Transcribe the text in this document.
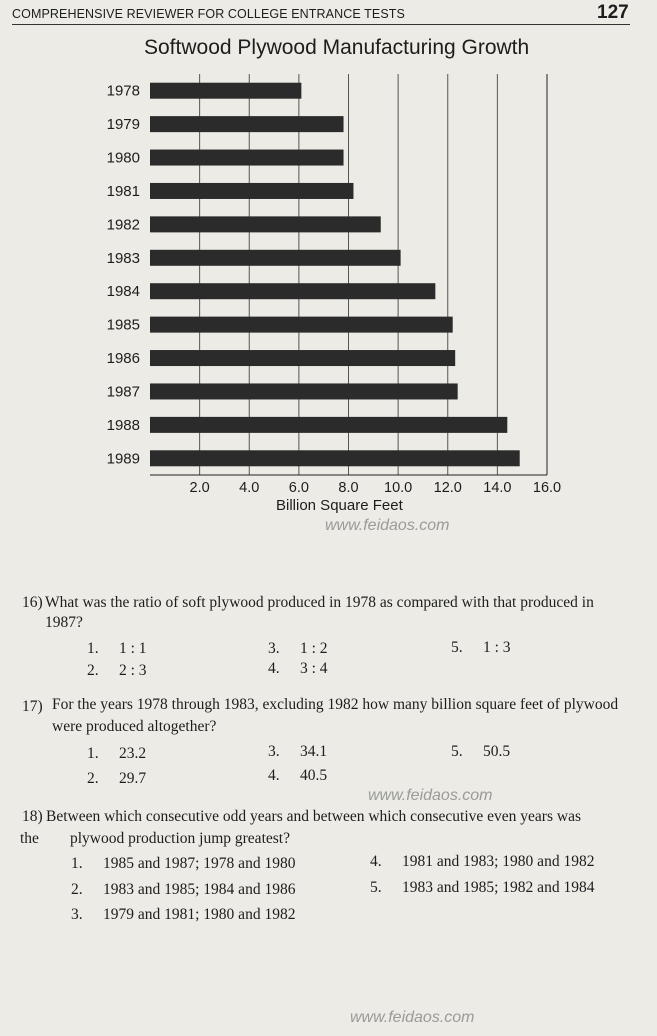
COMPREHENSIVE REVIEWER FOR COLLEGE ENTRANCE TESTS	127
Softwood Plywood Manufacturing Growth
1978
1979
1980
1981
1982
1983
1984
1985
1986
1987
1988
1989
2.0 4.0 6.0 8.0 10.0 12.0 14.0 16.0
Billion Square Feet
www.feidaos.com
www.feidaos.com
www.feidaos.com
16) What was the ratio of soft plywood produced in 1978 as compared with that produced in
1987?
1. 1 : 1
2. 2 : 3
3. 1 : 2
4. 3 : 4
5. 1 : 3
17) For the years 1978 through 1983, excluding 1982 how many billion square feet of plywood
were produced altogether?
1. 23.2
2. 29.7
3. 34.1
4. 40.5
5. 50.5
18) Between which consecutive odd years and between which consecutive even years was
the plywood production jump greatest?
1. 1985 and 1987; 1978 and 1980
2. 1983 and 1985; 1984 and 1986
3. 1979 and 1981; 1980 and 1982
4. 1981 and 1983; 1980 and 1982
5. 1983 and 1985; 1982 and 1984
